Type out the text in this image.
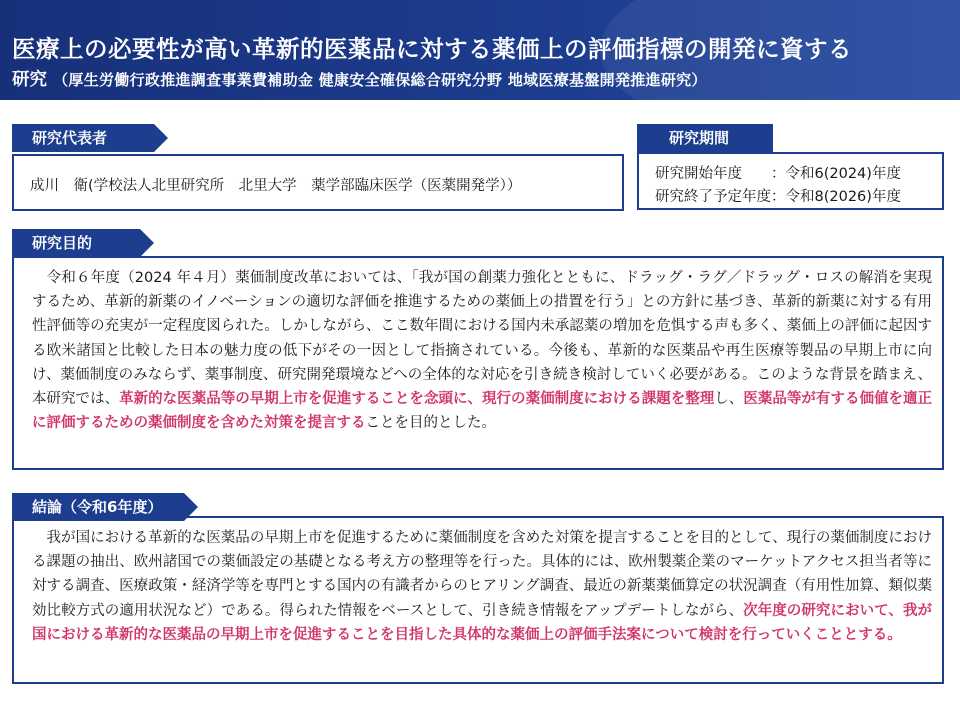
医療上の必要性が高い革新的医薬品に対する薬価上の評価指標の開発に資する
研究 （厚生労働行政推進調査事業費補助金 健康安全確保総合研究分野 地域医療基盤開発推進研究）
成川　衛(学校法人北里研究所　北里大学　薬学部臨床医学（医薬開発学））
研究代表者
研究開始年度　　：令和6(2024)年度
研究終了予定年度：令和8(2026)年度
研究期間

　令和６年度（2024 年４月）薬価制度改革においては、「我が国の創薬力強化とともに、ドラッグ・ラグ／ドラッグ・ロスの解消を実現するため、革新的新薬のイノベーションの適切な評価を推進するための薬価上の措置を行う」との方針に基づき、革新的新薬に対する有用性評価等の充実が一定程度図られた。しかしながら、ここ数年間における国内未承認薬の増加を危惧する声も多く、薬価上の評価に起因する欧米諸国と比較した日本の魅力度の低下がその一因として指摘されている。今後も、革新的な医薬品や再生医療等製品の早期上市に向け、薬価制度のみならず、薬事制度、研究開発環境などへの全体的な対応を引き続き検討していく必要がある。このような背景を踏まえ、本研究では、革新的な医薬品等の早期上市を促進することを念頭に、現行の薬価制度における課題を整理し、医薬品等が有する価値を適正に評価するための薬価制度を含めた対策を提言することを目的とした。

研究目的

　我が国における革新的な医薬品の早期上市を促進するために薬価制度を含めた対策を提言することを目的として、現行の薬価制度における課題の抽出、欧州諸国での薬価設定の基礎となる考え方の整理等を行った。具体的には、欧州製薬企業のマーケットアクセス担当者等に対する調査、医療政策・経済学等を専門とする国内の有識者からのヒアリング調査、最近の新薬薬価算定の状況調査（有用性加算、類似薬効比較方式の適用状況など）である。得られた情報をベースとして、引き続き情報をアップデートしながら、次年度の研究において、我が国における革新的な医薬品の早期上市を促進することを目指した具体的な薬価上の評価手法案について検討を行っていくこととする。

結論（令和6年度）
